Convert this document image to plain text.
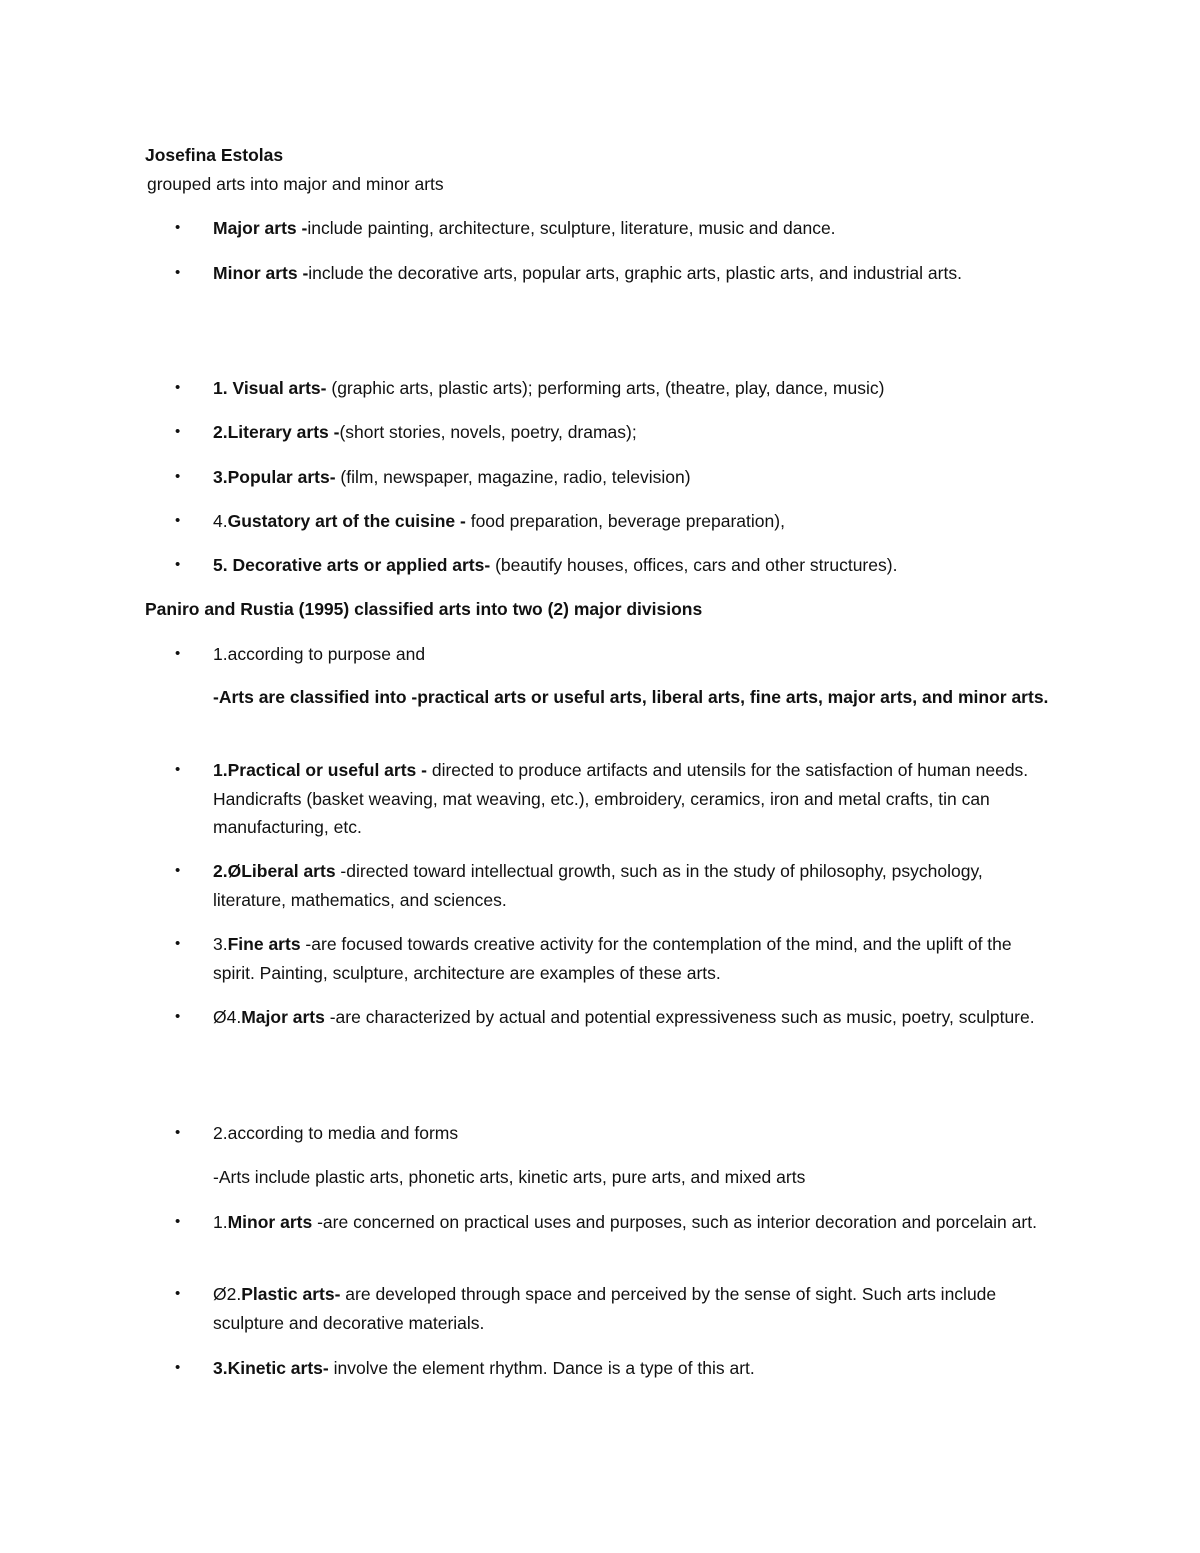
Josefina Estolas
grouped arts into major and minor arts
• Major arts -include painting, architecture, sculpture, literature, music and dance.
• Minor arts -include the decorative arts, popular arts, graphic arts, plastic arts, and industrial arts.
• 1. Visual arts- (graphic arts, plastic arts); performing arts, (theatre, play, dance, music)
• 2.Literary arts -(short stories, novels, poetry, dramas);
• 3.Popular arts- (film, newspaper, magazine, radio, television)
• 4.Gustatory art of the cuisine - food preparation, beverage preparation),
• 5. Decorative arts or applied arts- (beautify houses, offices, cars and other structures).
Paniro and Rustia (1995) classified arts into two (2) major divisions
• 1.according to purpose and
-Arts are classified into -practical arts or useful arts, liberal arts, fine arts, major arts, and minor arts.
• 1.Practical or useful arts - directed to produce artifacts and utensils for the satisfaction of human needs. Handicrafts (basket weaving, mat weaving, etc.), embroidery, ceramics, iron and metal crafts, tin can manufacturing, etc.
• 2.ØLiberal arts -directed toward intellectual growth, such as in the study of philosophy, psychology, literature, mathematics, and sciences.
• 3.Fine arts -are focused towards creative activity for the contemplation of the mind, and the uplift of the spirit. Painting, sculpture, architecture are examples of these arts.
• Ø4.Major arts -are characterized by actual and potential expressiveness such as music, poetry, sculpture.
• 2.according to media and forms
-Arts include plastic arts, phonetic arts, kinetic arts, pure arts, and mixed arts
• 1.Minor arts -are concerned on practical uses and purposes, such as interior decoration and porcelain art.
• Ø2.Plastic arts- are developed through space and perceived by the sense of sight. Such arts include sculpture and decorative materials.
• 3.Kinetic arts- involve the element rhythm. Dance is a type of this art.
